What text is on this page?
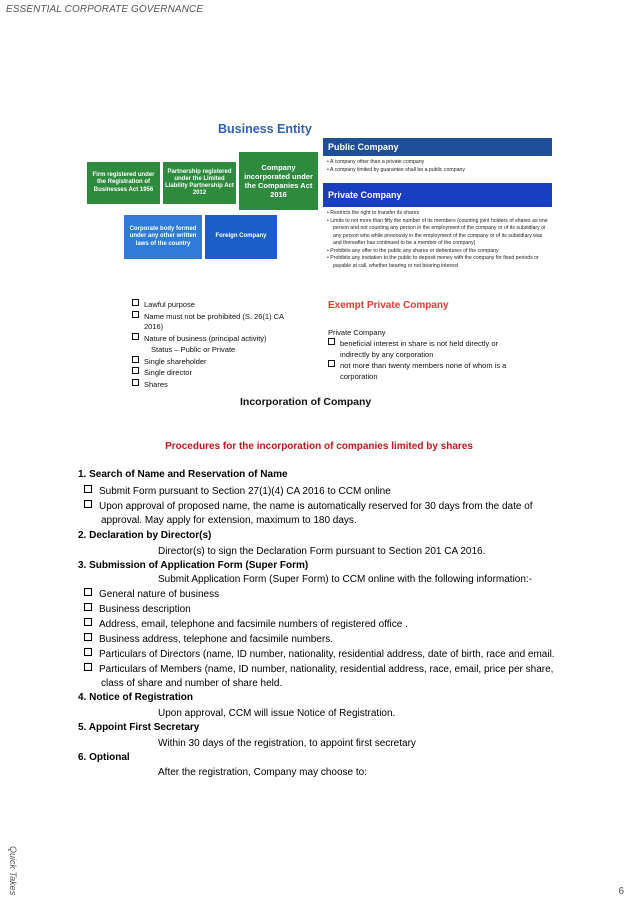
ESSENTIAL CORPORATE GOVERNANCE
Business Entity
Firm registered under the Registration of Businesses Act 1956
Partnership registered under the Limited Liability Partnership Act 2012
Company incorporated under the Companies Act 2016
Corporate body formed under any other written laws of the country
Foreign Company
Public Company
• A company other than a private company
• A company limited by guarantee shall be a public company
Private Company
• Restricts the right to transfer its shares
• Limits to not more than fifty the number of its members (counting joint holders of shares as one person and not counting any person in the employment of the company or of its subsidiary or any person who while previously in the employment of the company or of its subsidiary was and thereafter has continued to be a member of the company)
• Prohibits any offer to the public any shares or debentures of the company
• Prohibits any invitation to the public to deposit money with the company for fixed periods or payable at call, whether bearing or not bearing interest
Lawful purpose
Name must not be prohibited (S. 26(1) CA
2016)
Nature of business (principal activity)
Status – Public or Private
Single shareholder
Single director
Shares
Exempt Private Company
Private Company
beneficial interest in share is not held directly or
indirectly by any corporation
not more than twenty members none of whom is a
corporation
Incorporation of Company
Procedures for the incorporation of companies limited by shares
1. Search of Name and Reservation of Name
Submit Form pursuant to Section 27(1)(4) CA 2016 to CCM online
Upon approval of proposed name, the name is automatically reserved for 30 days from the date of
approval. May apply for extension, maximum to 180 days.
2. Declaration by Director(s)
Director(s) to sign the Declaration Form pursuant to Section 201 CA 2016.
3. Submission of Application Form (Super Form)
Submit Application Form (Super Form) to CCM online with the following information:-
General nature of business
Business description
Address, email, telephone and facsimile numbers of registered office .
Business address, telephone and facsimile numbers.
Particulars of Directors (name, ID number, nationality, residential address, date of birth, race and email.
Particulars of Members (name, ID number, nationality, residential address, race, email, price per share,
class of share and number of share held.
4. Notice of Registration
Upon approval, CCM will issue Notice of Registration.
5. Appoint First Secretary
Within 30 days of the registration, to appoint first secretary
6. Optional
After the registration, Company may choose to:
Quick Takes	6
